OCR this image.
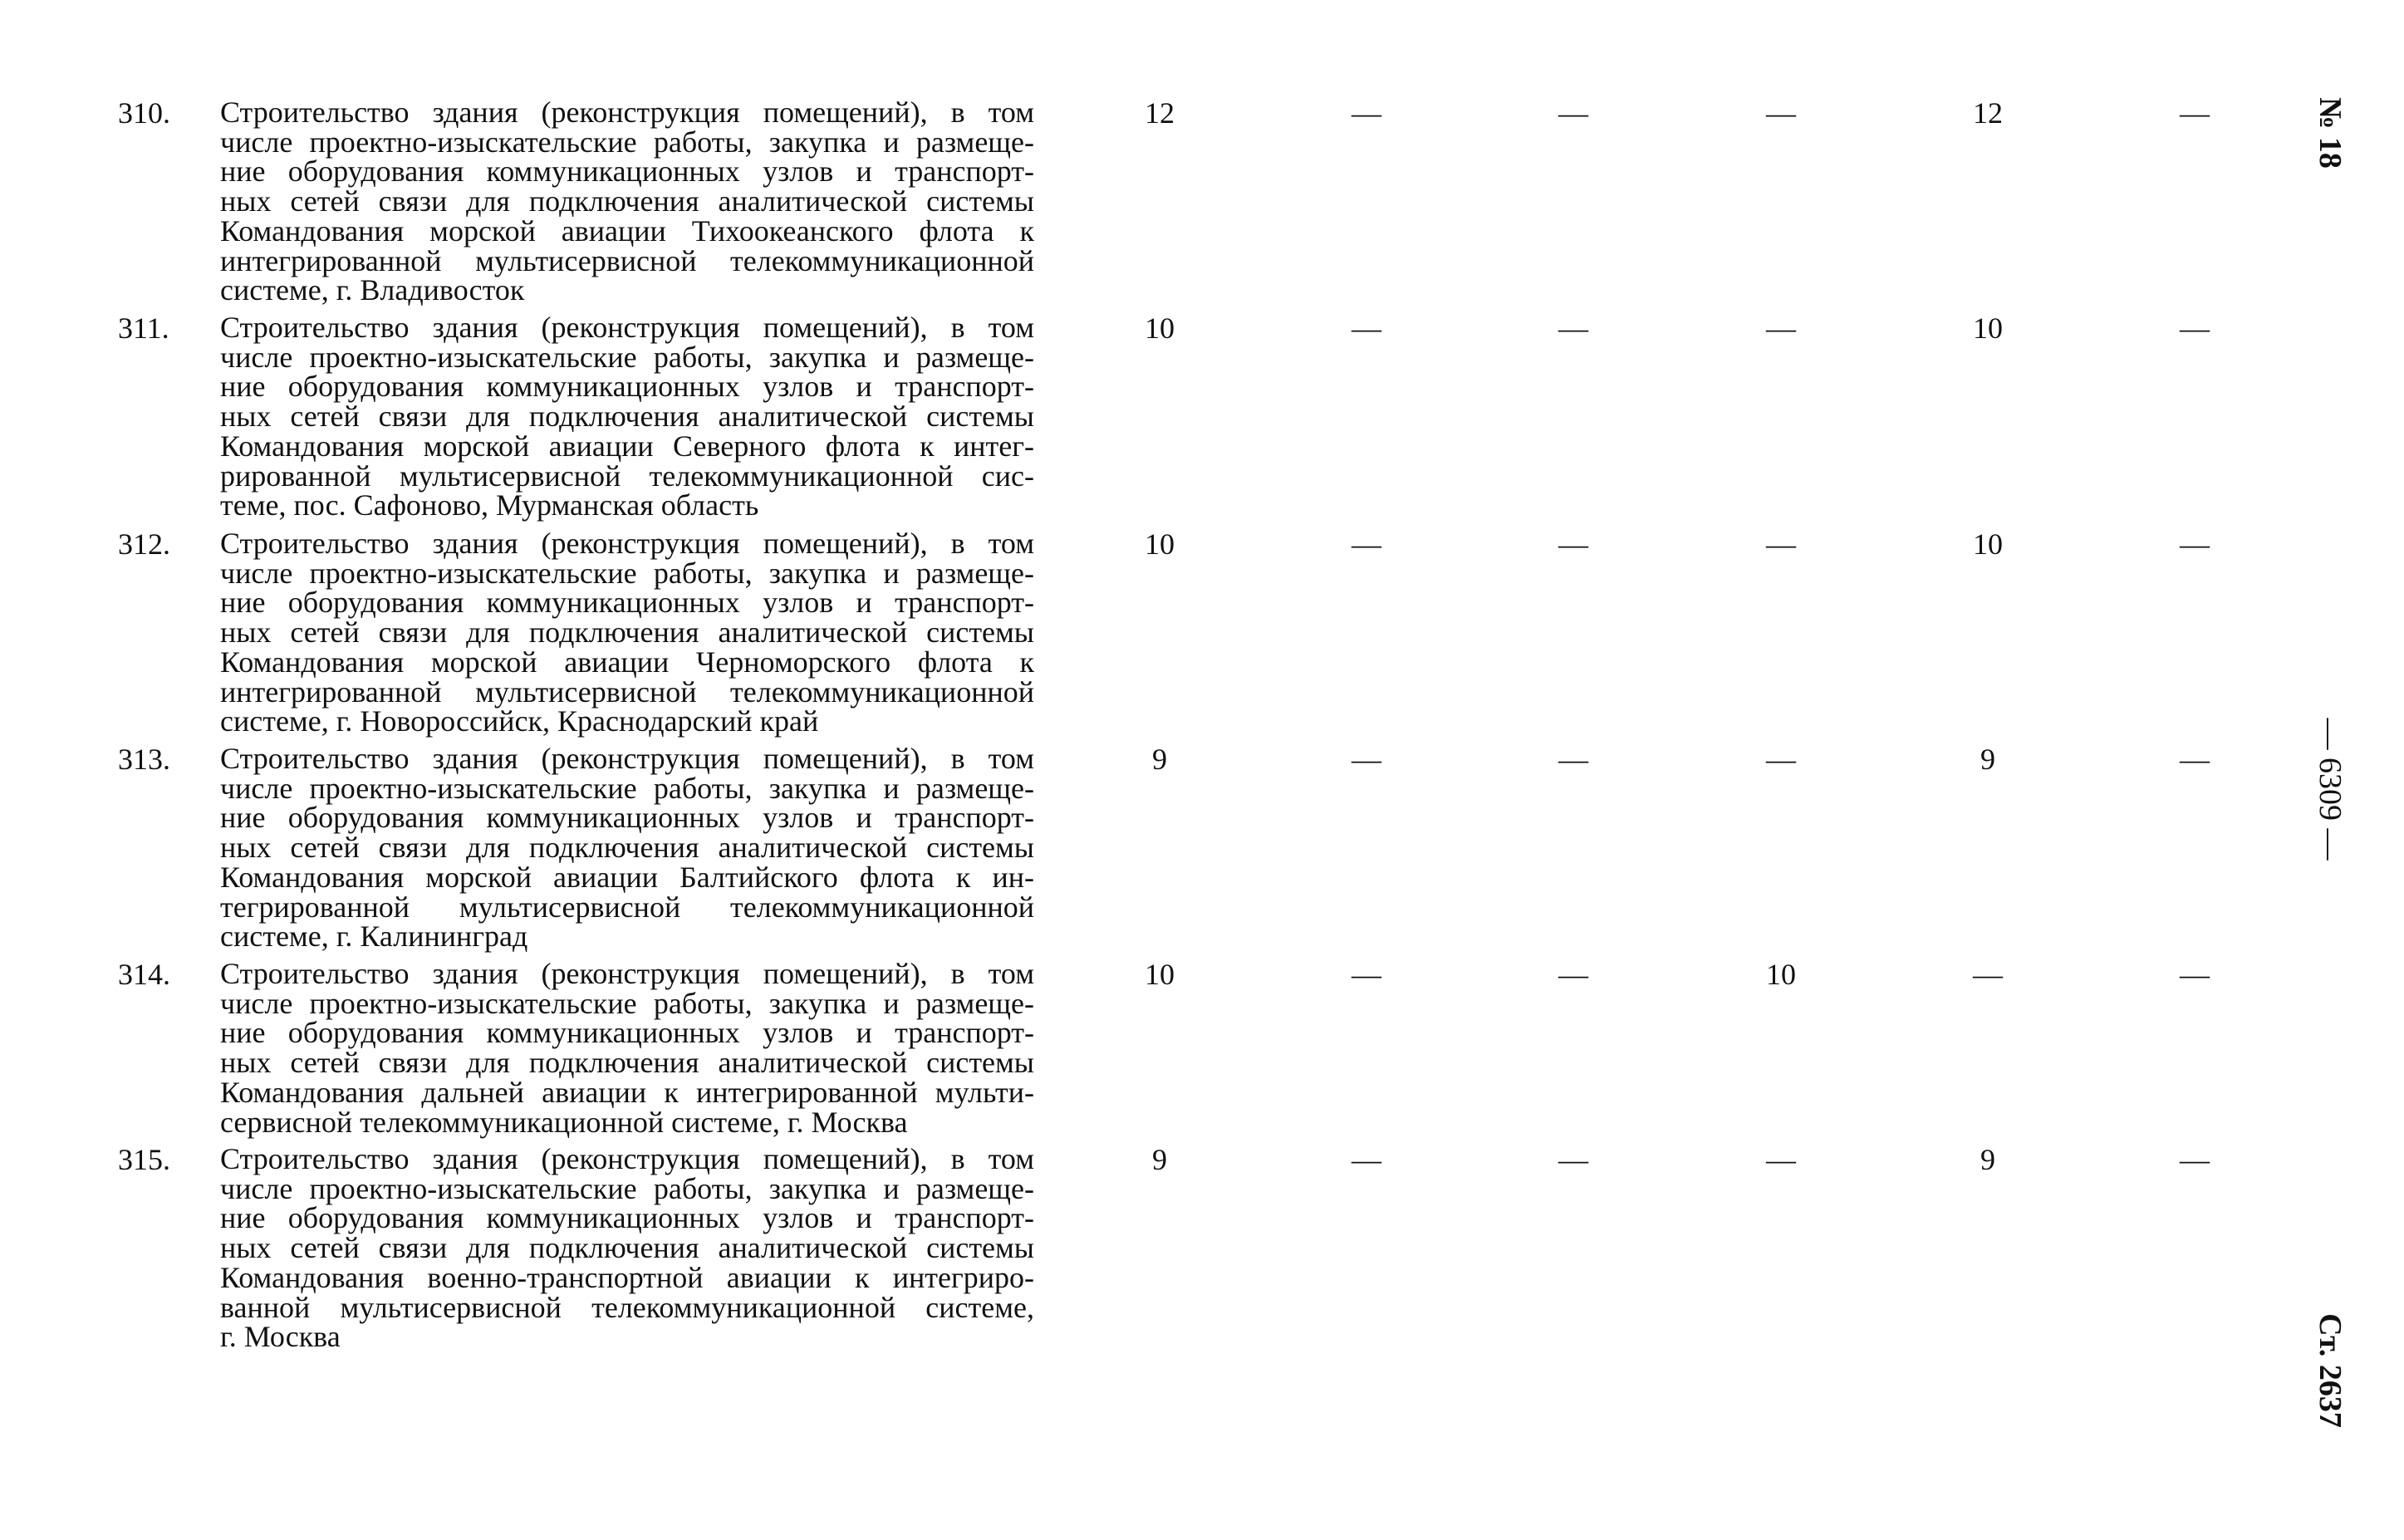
310. Строительство здания (реконструкция помещений), в том
числе проектно-изыскательские работы, закупка и размеще-
ние оборудования коммуникационных узлов и транспорт-
ных сетей связи для подключения аналитической системы
Командования морской авиации Тихоокеанского флота к
интегрированной мультисервисной телекоммуникационной
системе, г. Владивосток
12	—	—	—	12	—
311. Строительство здания (реконструкция помещений), в том
числе проектно-изыскательские работы, закупка и размеще-
ние оборудования коммуникационных узлов и транспорт-
ных сетей связи для подключения аналитической системы
Командования морской авиации Северного флота к интег-
рированной мультисервисной телекоммуникационной сис-
теме, пос. Сафоново, Мурманская область
10	—	—	—	10	—
312. Строительство здания (реконструкция помещений), в том
числе проектно-изыскательские работы, закупка и размеще-
ние оборудования коммуникационных узлов и транспорт-
ных сетей связи для подключения аналитической системы
Командования морской авиации Черноморского флота к
интегрированной мультисервисной телекоммуникационной
системе, г. Новороссийск, Краснодарский край
10	—	—	—	10	—
313. Строительство здания (реконструкция помещений), в том
числе проектно-изыскательские работы, закупка и размеще-
ние оборудования коммуникационных узлов и транспорт-
ных сетей связи для подключения аналитической системы
Командования морской авиации Балтийского флота к ин-
тегрированной мультисервисной телекоммуникационной
системе, г. Калининград
9	—	—	—	9	—
314. Строительство здания (реконструкция помещений), в том
числе проектно-изыскательские работы, закупка и размеще-
ние оборудования коммуникационных узлов и транспорт-
ных сетей связи для подключения аналитической системы
Командования дальней авиации к интегрированной мульти-
сервисной телекоммуникационной системе, г. Москва
10	—	—	10	—	—
315. Строительство здания (реконструкция помещений), в том
числе проектно-изыскательские работы, закупка и размеще-
ние оборудования коммуникационных узлов и транспорт-
ных сетей связи для подключения аналитической системы
Командования военно-транспортной авиации к интегриро-
ванной мультисервисной телекоммуникационной системе,
г. Москва
9	—	—	—	9	—
№ 18
— 6309 —
Ст. 2637
